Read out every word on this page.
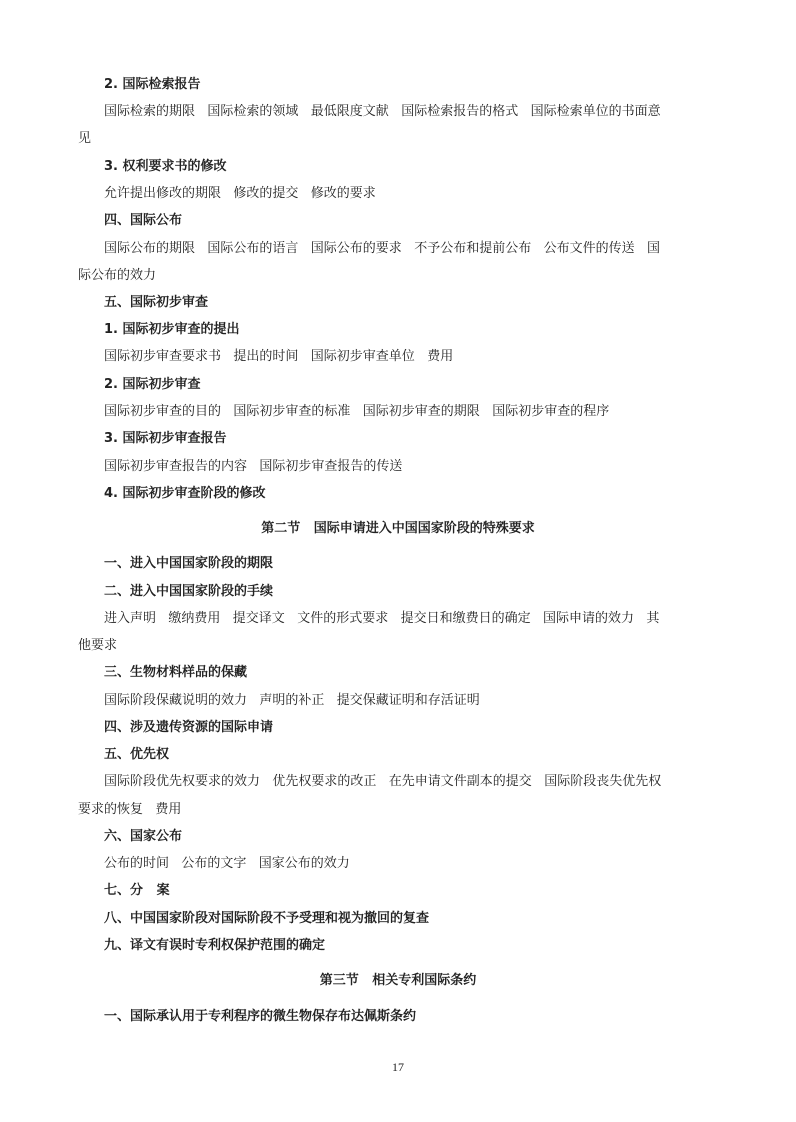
2. 国际检索报告
国际检索的期限   国际检索的领域   最低限度文献   国际检索报告的格式   国际检索单位的书面意
见
3. 权利要求书的修改
允许提出修改的期限   修改的提交   修改的要求
四、国际公布
国际公布的期限   国际公布的语言   国际公布的要求   不予公布和提前公布   公布文件的传送   国
际公布的效力
五、国际初步审查
1. 国际初步审查的提出
国际初步审查要求书   提出的时间   国际初步审查单位   费用
2. 国际初步审查
国际初步审查的目的   国际初步审查的标准   国际初步审查的期限   国际初步审查的程序
3. 国际初步审查报告
国际初步审查报告的内容   国际初步审查报告的传送
4. 国际初步审查阶段的修改
第二节   国际申请进入中国国家阶段的特殊要求
一、进入中国国家阶段的期限
二、进入中国国家阶段的手续
进入声明   缴纳费用   提交译文   文件的形式要求   提交日和缴费日的确定   国际申请的效力   其
他要求
三、生物材料样品的保藏
国际阶段保藏说明的效力   声明的补正   提交保藏证明和存活证明
四、涉及遗传资源的国际申请
五、优先权
国际阶段优先权要求的效力   优先权要求的改正   在先申请文件副本的提交   国际阶段丧失优先权
要求的恢复   费用
六、国家公布
公布的时间   公布的文字   国家公布的效力
七、分   案
八、中国国家阶段对国际阶段不予受理和视为撤回的复查
九、译文有误时专利权保护范围的确定
第三节   相关专利国际条约
一、国际承认用于专利程序的微生物保存布达佩斯条约
17
